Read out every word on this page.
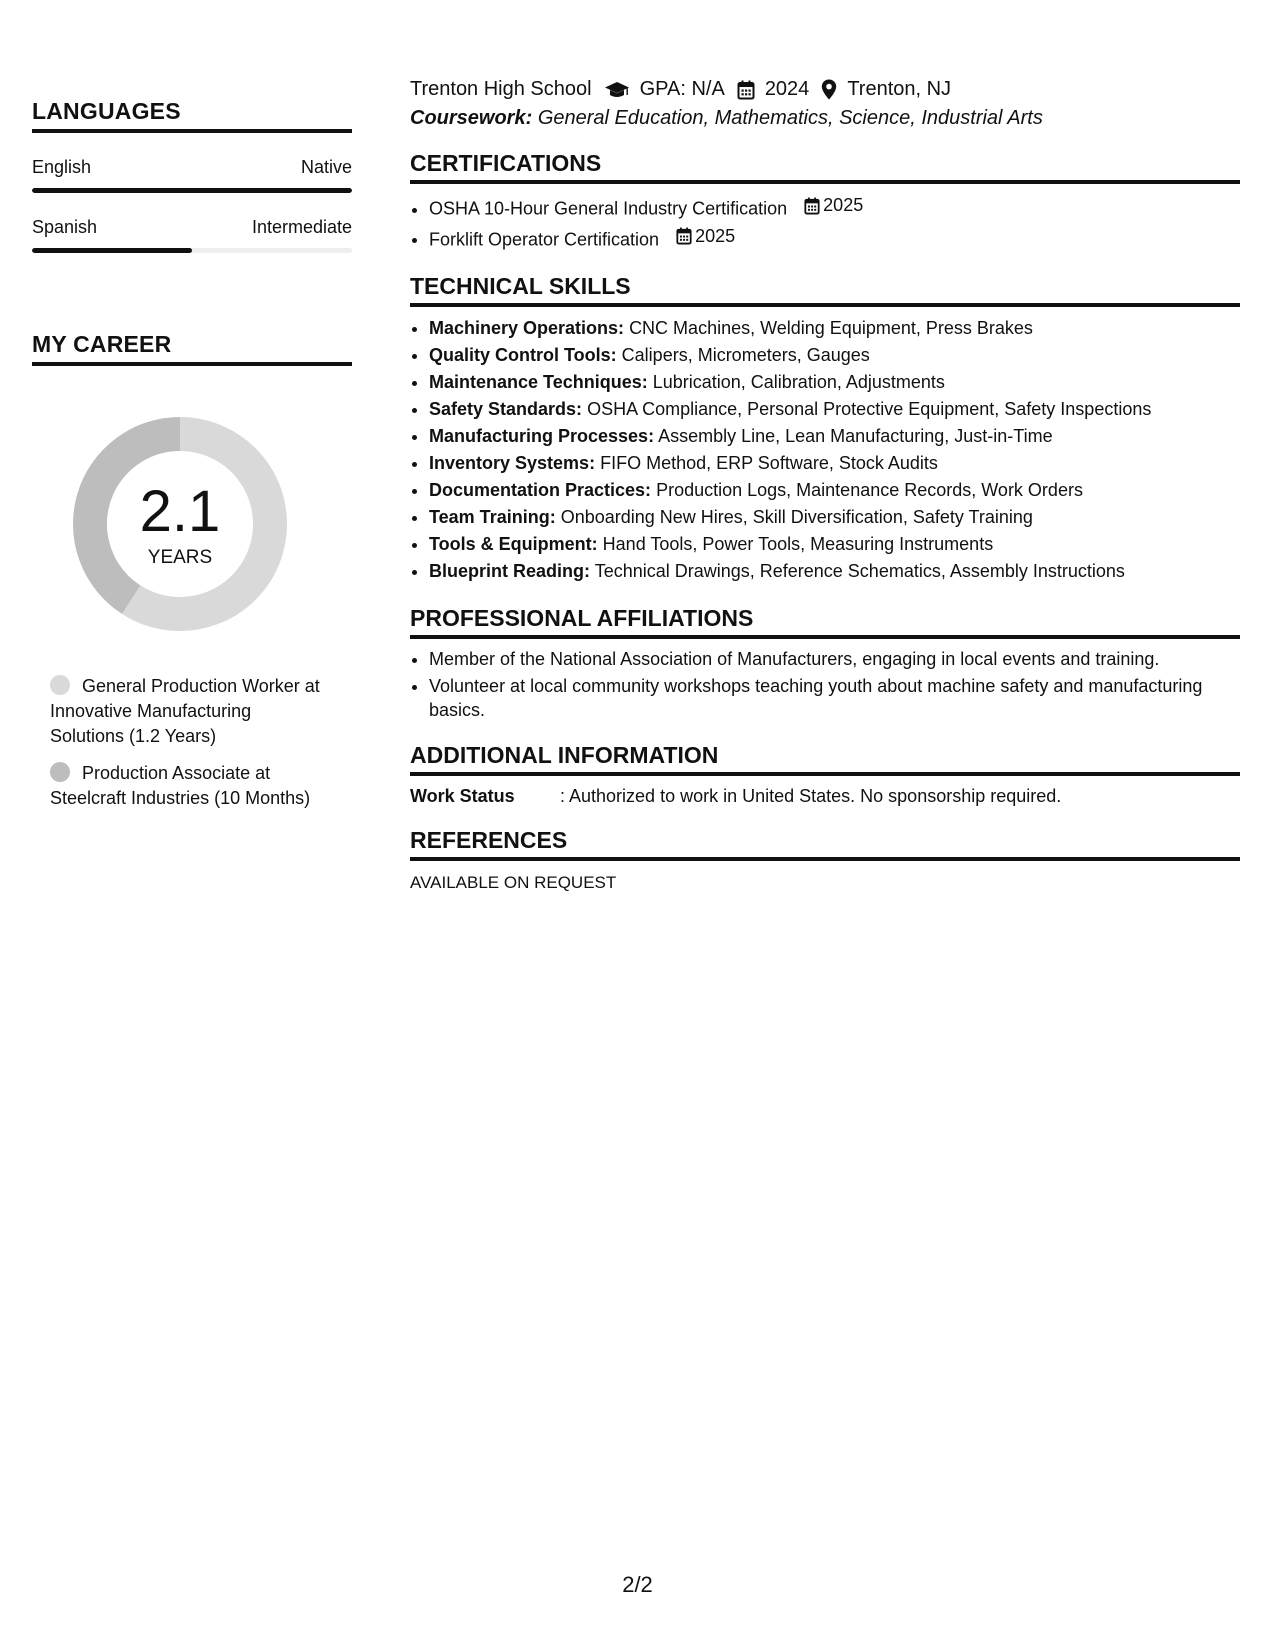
LANGUAGES
English	Native
Spanish	Intermediate
MY CAREER
2.1
YEARS
General Production Worker at Innovative Manufacturing Solutions (1.2 Years)
Production Associate at Steelcraft Industries (10 Months)
Trenton High School GPA: N/A 2024 Trenton, NJ
Coursework: General Education, Mathematics, Science, Industrial Arts
CERTIFICATIONS
• OSHA 10-Hour General Industry Certification 2025
• Forklift Operator Certification 2025
TECHNICAL SKILLS
• Machinery Operations: CNC Machines, Welding Equipment, Press Brakes
• Quality Control Tools: Calipers, Micrometers, Gauges
• Maintenance Techniques: Lubrication, Calibration, Adjustments
• Safety Standards: OSHA Compliance, Personal Protective Equipment, Safety Inspections
• Manufacturing Processes: Assembly Line, Lean Manufacturing, Just-in-Time
• Inventory Systems: FIFO Method, ERP Software, Stock Audits
• Documentation Practices: Production Logs, Maintenance Records, Work Orders
• Team Training: Onboarding New Hires, Skill Diversification, Safety Training
• Tools & Equipment: Hand Tools, Power Tools, Measuring Instruments
• Blueprint Reading: Technical Drawings, Reference Schematics, Assembly Instructions
PROFESSIONAL AFFILIATIONS
• Member of the National Association of Manufacturers, engaging in local events and training.
• Volunteer at local community workshops teaching youth about machine safety and manufacturing basics.
ADDITIONAL INFORMATION
Work Status	: Authorized to work in United States. No sponsorship required.
REFERENCES
AVAILABLE ON REQUEST
2/2
